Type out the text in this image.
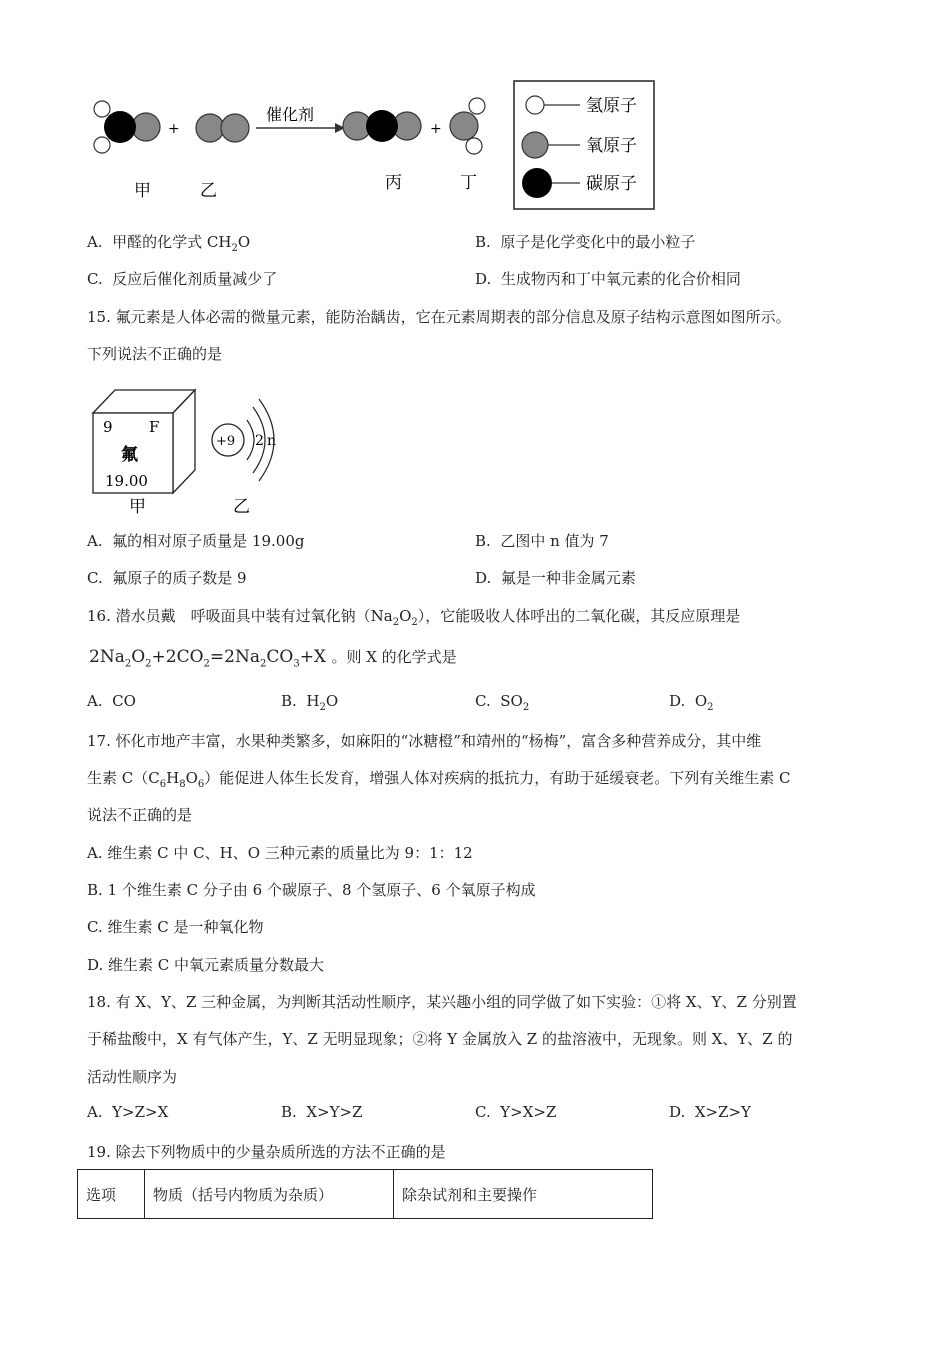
+
催化剂
+
甲	乙	丙	丁
氢原子
氧原子
碳原子
A. 甲醛的化学式 $CH_2O$	B. 原子是化学变化中的最小粒子
C. 反应后催化剂质量减少了	D. 生成物丙和丁中氧元素的化合价相同
15. 氟元素是人体必需的微量元素，能防治龋齿，它在元素周期表的部分信息及原子结构示意图如图所示。
下列说法不正确的是
9 F
氟
19.00
甲
+9 2 n
乙
A. 氟的相对原子质量是 19.00g	B. 乙图中 n 值为 7
C. 氟原子的质子数是 9	D. 氟是一种非金属元素
16. 潜水员戴　呼吸面具中装有过氧化钠$(Na_2O_2)$，它能吸收人体呼出的二氧化碳，其反应原理是
$2Na_2O_2+2CO_2=2Na_2CO_3+X$ 。则 X 的化学式是
A. CO	B. $H_2O$	C. $SO_2$	D. $O_2$
17. 怀化市地产丰富，水果种类繁多，如麻阳的“冰糖橙”和靖州的“杨梅”，富含多种营养成分，其中维
生素 $C(C_6H_8O_6)$能促进人体生长发育，增强人体对疾病的抵抗力，有助于延缓衰老。下列有关维生素 C
说法不正确的是
A. 维生素 C 中 C、H、O 三种元素的质量比为 9：1：12
B. 1 个维生素 C 分子由 6 个碳原子、8 个氢原子、6 个氧原子构成
C. 维生素 C 是一种氧化物
D. 维生素 C 中氧元素质量分数最大
18. 有 X、Y、Z 三种金属，为判断其活动性顺序，某兴趣小组的同学做了如下实验：①将 X、Y、Z 分别置
于稀盐酸中，X 有气体产生，Y、Z 无明显现象；②将 Y 金属放入 Z 的盐溶液中，无现象。则 X、Y、Z 的
活动性顺序为
A. Y>Z>X	B. X>Y>Z	C. Y>X>Z	D. X>Z>Y
19. 除去下列物质中的少量杂质所选的方法不正确的是
选项	物质（括号内物质为杂质）	除杂试剂和主要操作
